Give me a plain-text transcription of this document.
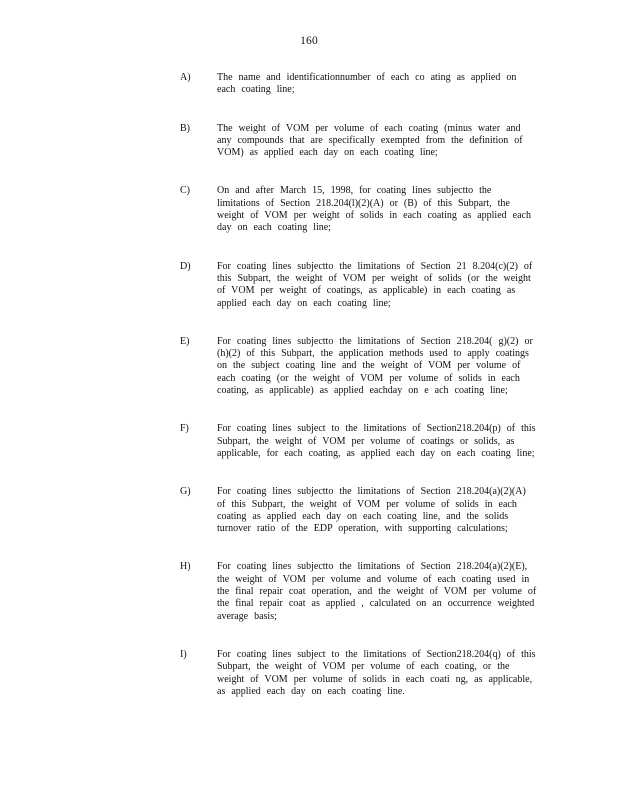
160
A)	The name and identificationnumber of each co ating as applied on each coating line;
B)	The weight of VOM per volume of each coating (minus water and any compounds that are specifically exempted from the definition of VOM) as applied each day on each coating line;
C)	On and after March 15, 1998, for coating lines subjectto the limitations of Section 218.204(l)(2)(A) or (B) of this Subpart, the weight of VOM per weight of solids in each coating as applied each day on each coating line;
D)	For coating lines subjectto the limitations of Section 21 8.204(c)(2) of this Subpart, the weight of VOM per weight of solids (or the weight of VOM per weight of coatings, as applicable) in each coating as applied each day on each coating line;
E)	For coating lines subjectto the limitations of Section 218.204( g)(2) or (h)(2) of this Subpart, the application methods used to apply coatings on the subject coating line and the weight of VOM per volume of each coating (or the weight of VOM per volume of solids in each coating, as applicable) as applied eachday on e ach coating line;
F)	For coating lines subject to the limitations of Section218.204(p) of this Subpart, the weight of VOM per volume of coatings or solids, as applicable, for each coating, as applied each day on each coating line;
G)	For coating lines subjectto the limitations of Section 218.204(a)(2)(A) of this Subpart, the weight of VOM per volume of solids in each coating as applied each day on each coating line, and the solids turnover ratio of the EDP operation, with supporting calculations;
H)	For coating lines subjectto the limitations of Section 218.204(a)(2)(E), the weight of VOM per volume and volume of each coating used in the final repair coat operation, and the weight of VOM per volume of the final repair coat as applied , calculated on an occurrence weighted average basis;
I)	For coating lines subject to the limitations of Section218.204(q) of this Subpart, the weight of VOM per volume of each coating, or the weight of VOM per volume of solids in each coati ng, as applicable, as applied each day on each coating line.
